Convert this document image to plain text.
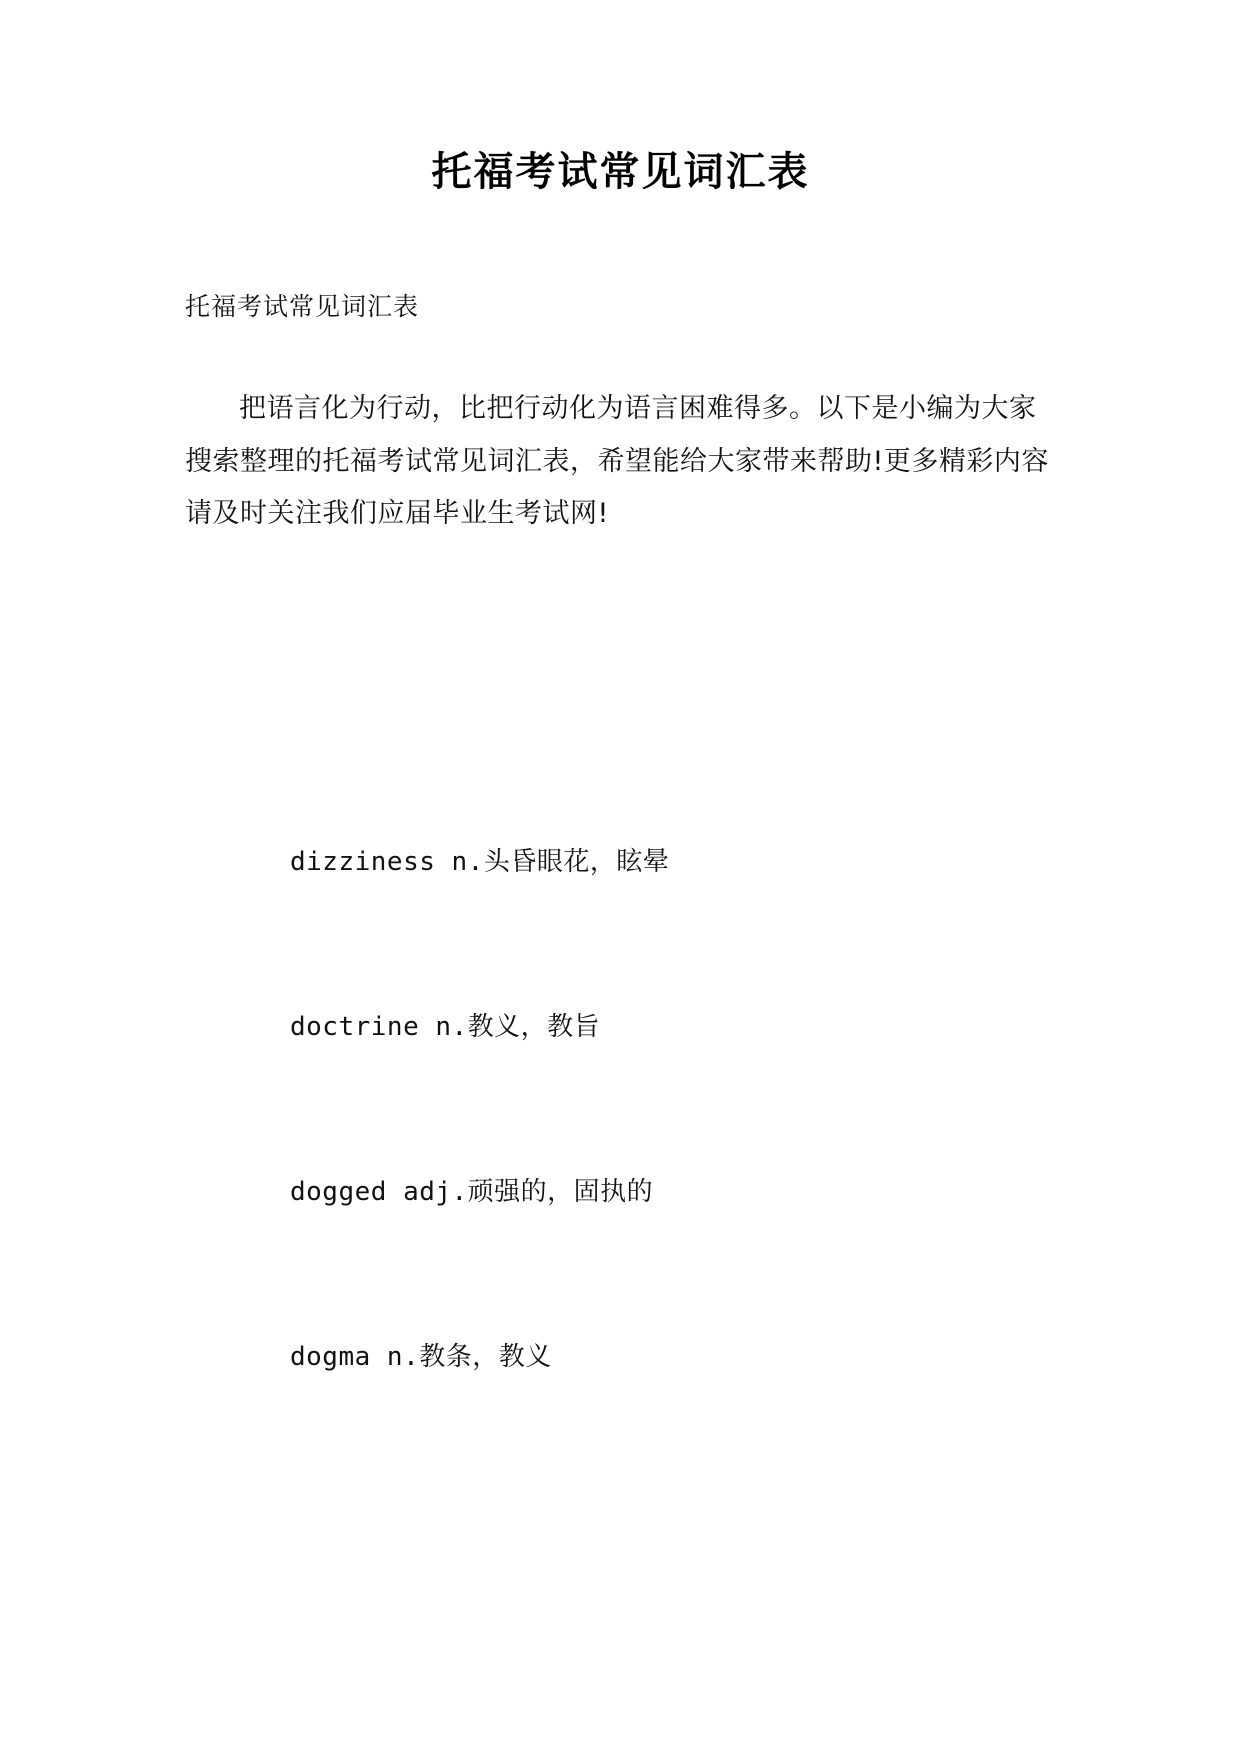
托福考试常见词汇表
托福考试常见词汇表

把语言化为行动，比把行动化为语言困难得多。以下是小编为大家搜索整理的托福考试常见词汇表，希望能给大家带来帮助!更多精彩内容请及时关注我们应届毕业生考试网!

dizziness n.头昏眼花，眩晕
doctrine n.教义，教旨
dogged adj.顽强的，固执的
dogma n.教条，教义
